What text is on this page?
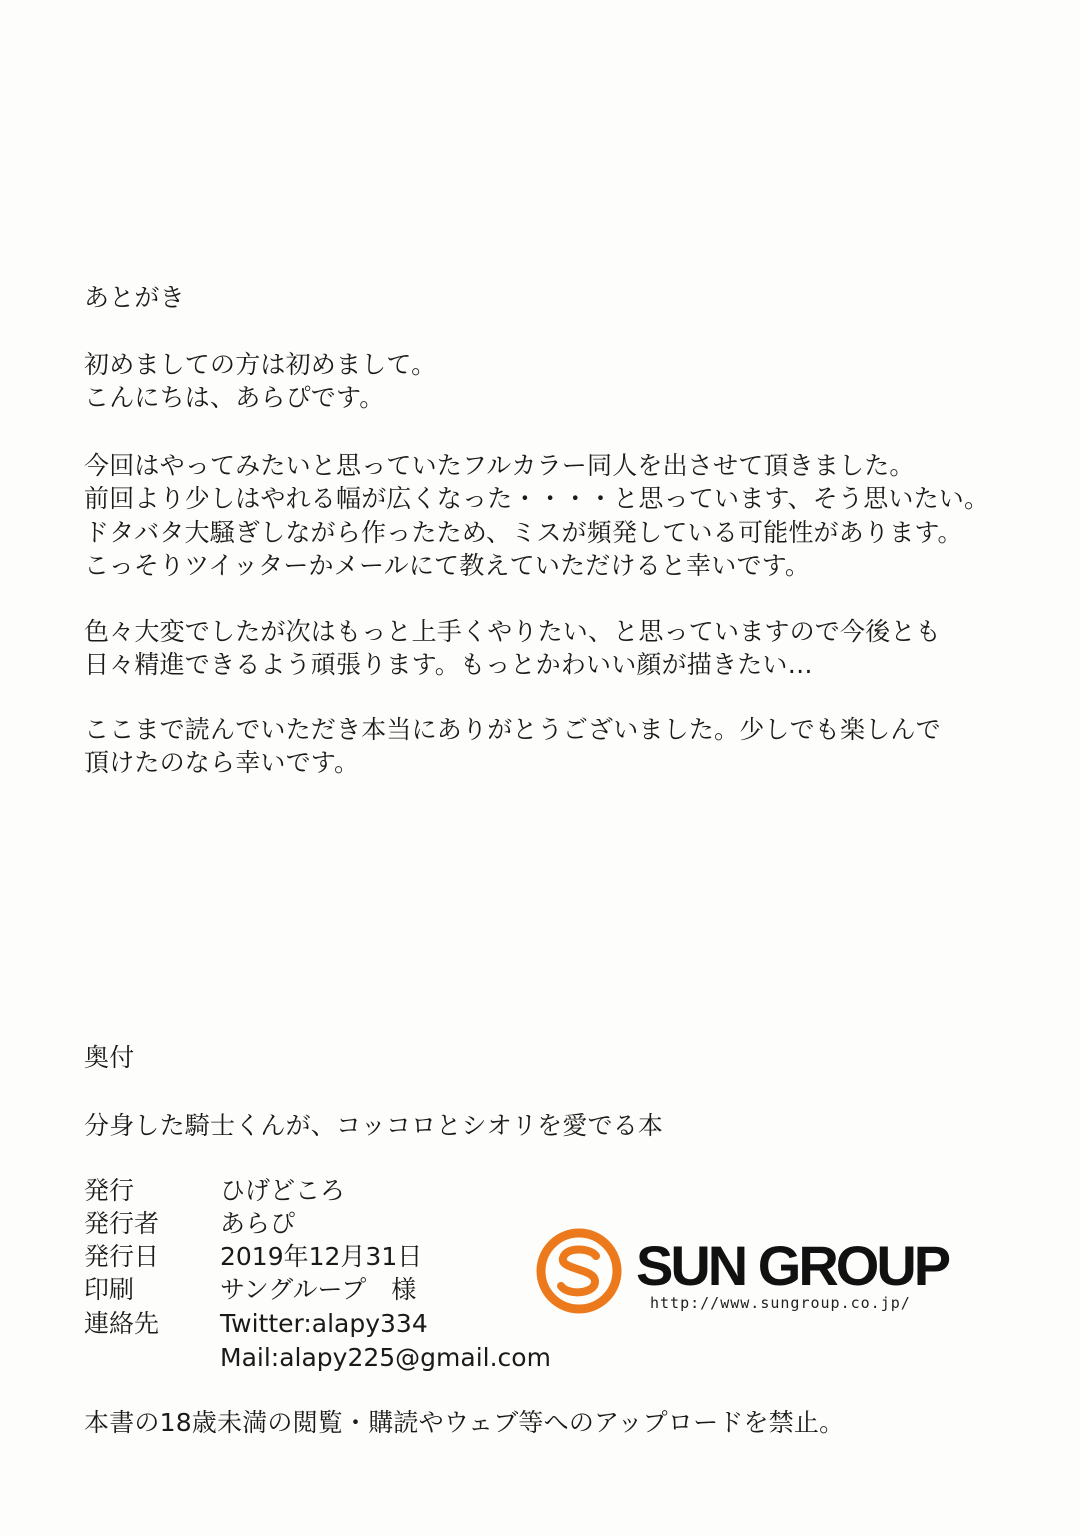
あとがき
初めましての方は初めまして。
こんにちは、あらぴです。
今回はやってみたいと思っていたフルカラー同人を出させて頂きました。
前回より少しはやれる幅が広くなった・・・・と思っています、そう思いたい。
ドタバタ大騒ぎしながら作ったため、ミスが頻発している可能性があります。
こっそりツイッターかメールにて教えていただけると幸いです。
色々大変でしたが次はもっと上手くやりたい、と思っていますので今後とも
日々精進できるよう頑張ります。もっとかわいい顔が描きたい…
ここまで読んでいただき本当にありがとうございました。少しでも楽しんで
頂けたのなら幸いです。
奥付
分身した騎士くんが、コッコロとシオリを愛でる本
発行	ひげどころ
発行者 あらぴ
発行日 2019年12月31日
印刷	サングループ　様
連絡先 Twitter:alapy334
Mail:alapy225@gmail.com
本書の18歳未満の閲覧・購読やウェブ等へのアップロードを禁止。
SUN GROUP
http://www.sungroup.co.jp/
